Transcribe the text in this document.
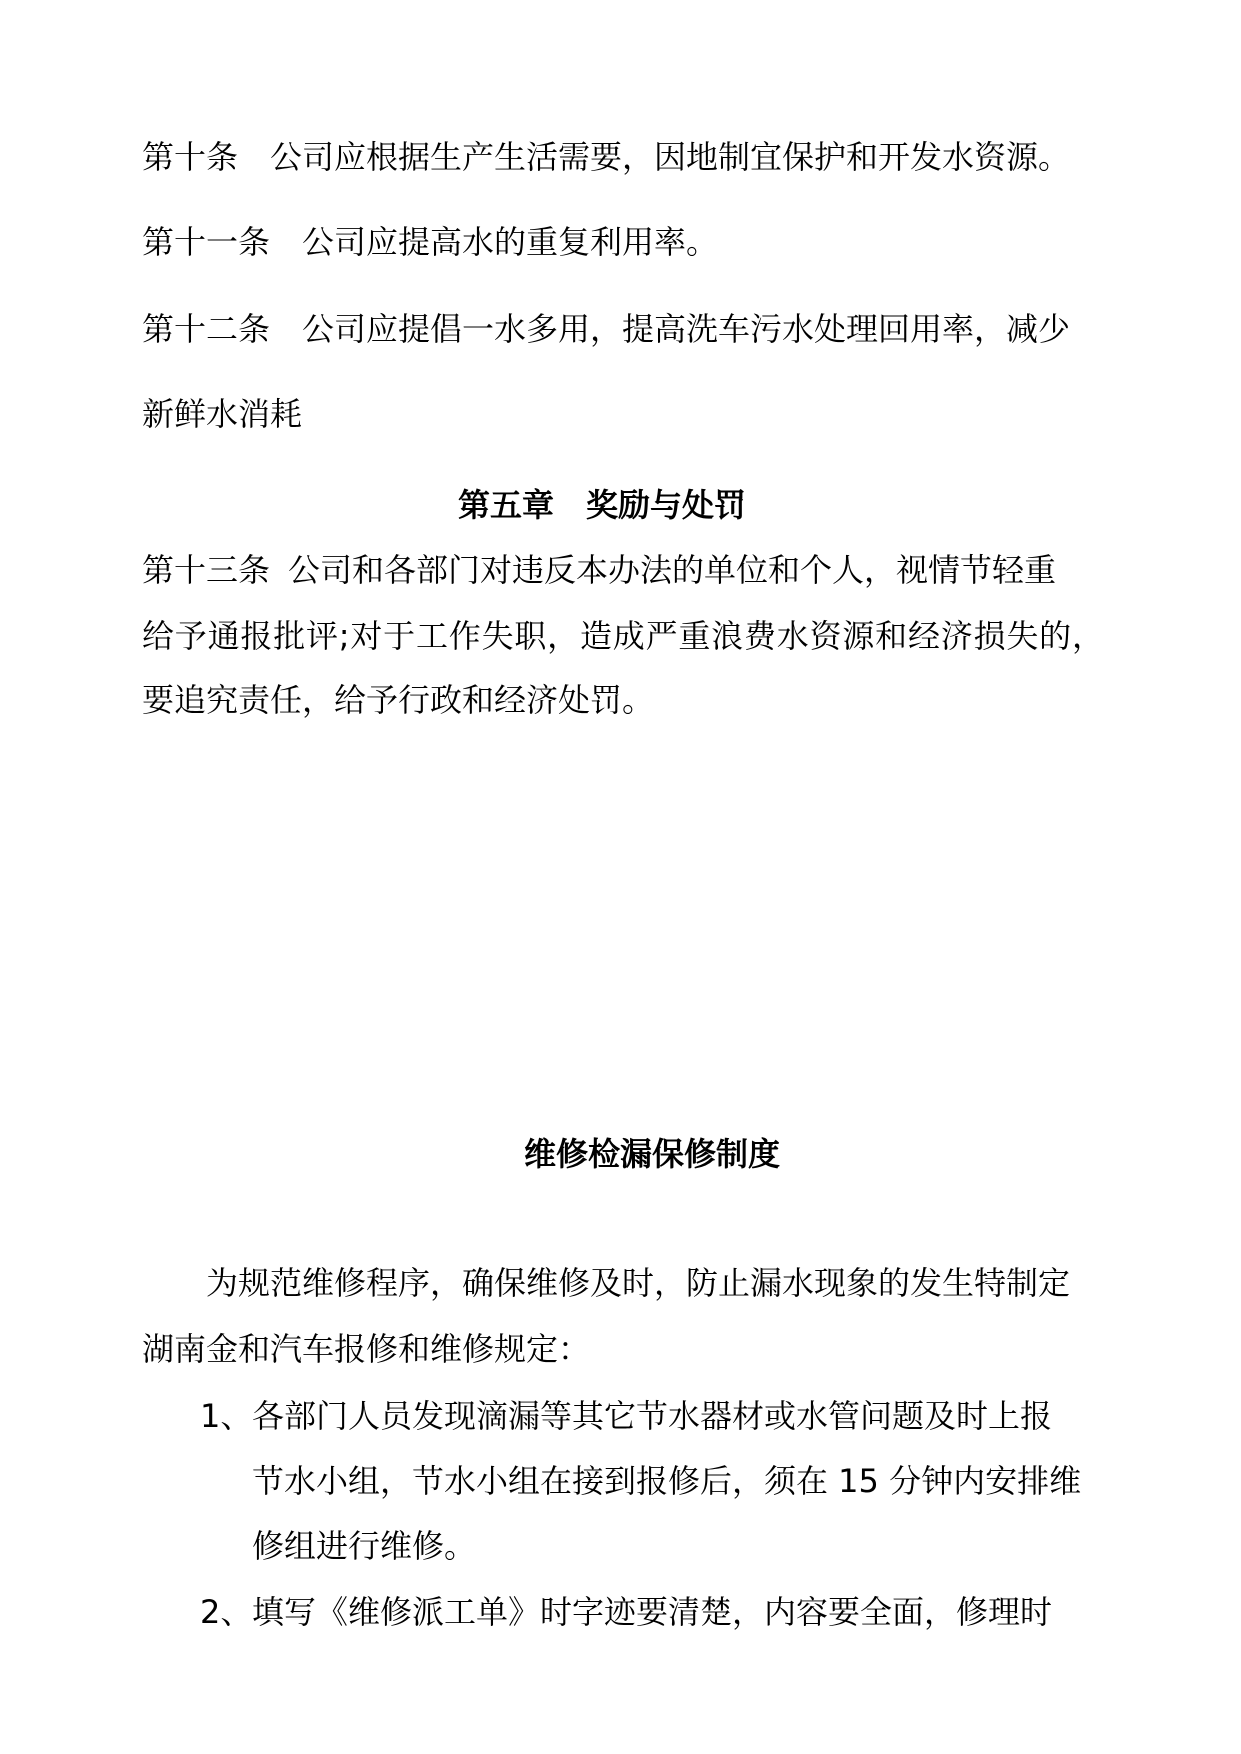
第十条 公司应根据生产生活需要，因地制宜保护和开发水资源。
第十一条 公司应提高水的重复利用率。
第十二条 公司应提倡一水多用，提高洗车污水处理回用率，减少
新鲜水消耗
第五章 奖励与处罚
第十三条 公司和各部门对违反本办法的单位和个人，视情节轻重
给予通报批评;对于工作失职，造成严重浪费水资源和经济损失的，
要追究责任，给予行政和经济处罚。
维修检漏保修制度
为规范维修程序，确保维修及时，防止漏水现象的发生特制定
湖南金和汽车报修和维修规定：
1、 各部门人员发现滴漏等其它节水器材或水管问题及时上报
节水小组，节水小组在接到报修后，须在 15 分钟内安排维
修组进行维修。
2、 填写《维修派工单》时字迹要清楚，内容要全面，修理时
